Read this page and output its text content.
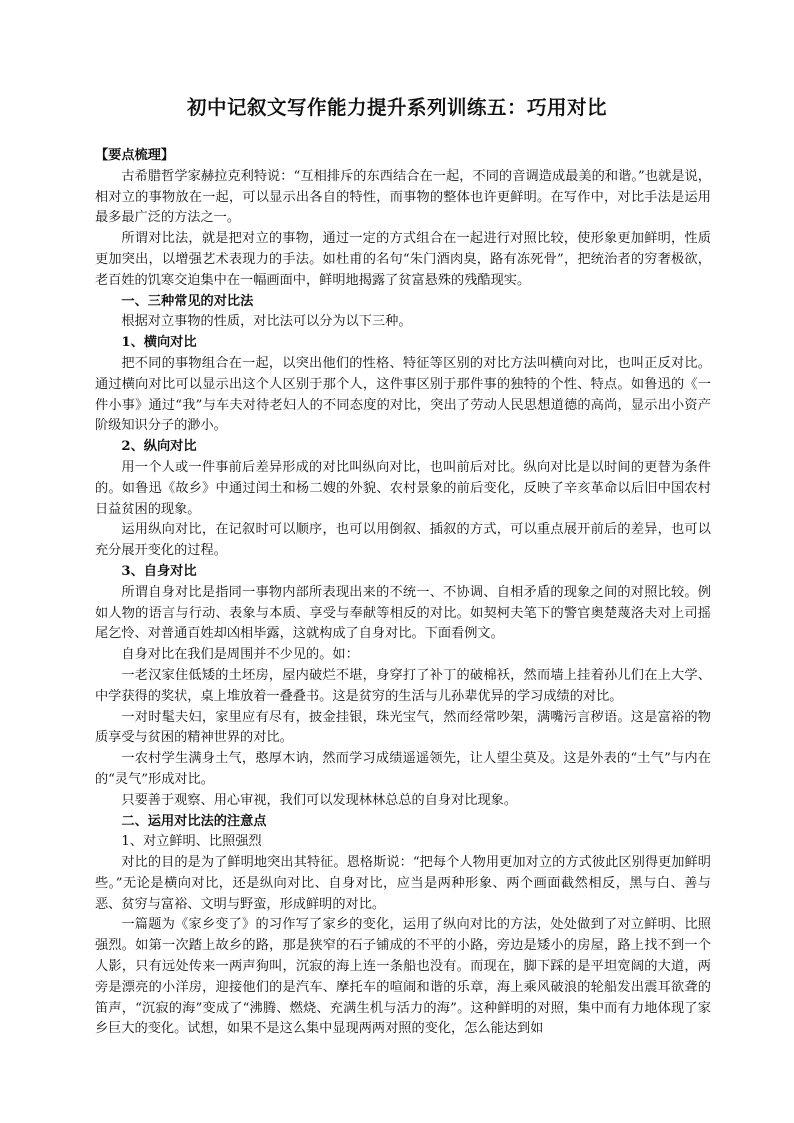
初中记叙文写作能力提升系列训练五：巧用对比

【要点梳理】

古希腊哲学家赫拉克利特说：“互相排斥的东西结合在一起，不同的音调造成最美的和谐。”也就是说，相对立的事物放在一起，可以显示出各自的特性，而事物的整体也许更鲜明。在写作中，对比手法是运用最多最广泛的方法之一。

所谓对比法，就是把对立的事物，通过一定的方式组合在一起进行对照比较，使形象更加鲜明，性质更加突出，以增强艺术表现力的手法。如杜甫的名句“朱门酒肉臭，路有冻死骨”，把统治者的穷奢极欲，老百姓的饥寒交迫集中在一幅画面中，鲜明地揭露了贫富悬殊的残酷现实。

一、三种常见的对比法

根据对立事物的性质，对比法可以分为以下三种。

1、横向对比

把不同的事物组合在一起，以突出他们的性格、特征等区别的对比方法叫横向对比，也叫正反对比。通过横向对比可以显示出这个人区别于那个人，这件事区别于那件事的独特的个性、特点。如鲁迅的《一件小事》通过“我”与车夫对待老妇人的不同态度的对比，突出了劳动人民思想道德的高尚，显示出小资产阶级知识分子的渺小。

2、纵向对比

用一个人或一件事前后差异形成的对比叫纵向对比，也叫前后对比。纵向对比是以时间的更替为条件的。如鲁迅《故乡》中通过闰土和杨二嫂的外貌、农村景象的前后变化，反映了辛亥革命以后旧中国农村日益贫困的现象。

运用纵向对比，在记叙时可以顺序，也可以用倒叙、插叙的方式，可以重点展开前后的差异，也可以充分展开变化的过程。

3、自身对比

所谓自身对比是指同一事物内部所表现出来的不统一、不协调、自相矛盾的现象之间的对照比较。例如人物的语言与行动、表象与本质、享受与奉献等相反的对比。如契柯夫笔下的警官奥楚蔑洛夫对上司摇尾乞怜、对普通百姓却凶相毕露，这就构成了自身对比。下面看例文。

自身对比在我们是周围并不少见的。如：

一老汉家住低矮的土坯房，屋内破烂不堪，身穿打了补丁的破棉袄，然而墙上挂着孙儿们在上大学、中学获得的奖状，桌上堆放着一叠叠书。这是贫穷的生活与儿孙辈优异的学习成绩的对比。

一对时髦夫妇，家里应有尽有，披金挂银，珠光宝气，然而经常吵架，满嘴污言秽语。这是富裕的物质享受与贫困的精神世界的对比。

一农村学生满身土气，憨厚木讷，然而学习成绩遥遥领先，让人望尘莫及。这是外表的“土气”与内在的“灵气”形成对比。

只要善于观察、用心审视，我们可以发现林林总总的自身对比现象。

二、运用对比法的注意点

1、对立鲜明、比照强烈

对比的目的是为了鲜明地突出其特征。恩格斯说：“把每个人物用更加对立的方式彼此区别得更加鲜明些。”无论是横向对比，还是纵向对比、自身对比，应当是两种形象、两个画面截然相反，黑与白、善与恶、贫穷与富裕、文明与野蛮，形成鲜明的对比。

一篇题为《家乡变了》的习作写了家乡的变化，运用了纵向对比的方法，处处做到了对立鲜明、比照强烈。如第一次踏上故乡的路，那是狭窄的石子铺成的不平的小路，旁边是矮小的房屋，路上找不到一个人影，只有远处传来一两声狗叫，沉寂的海上连一条船也没有。而现在，脚下踩的是平坦宽阔的大道，两旁是漂亮的小洋房，迎接他们的是汽车、摩托车的喧闹和谐的乐章，海上乘风破浪的轮船发出震耳欲聋的笛声，“沉寂的海”变成了“沸腾、燃烧、充满生机与活力的海”。这种鲜明的对照，集中而有力地体现了家乡巨大的变化。试想，如果不是这么集中显现两两对照的变化，怎么能达到如
